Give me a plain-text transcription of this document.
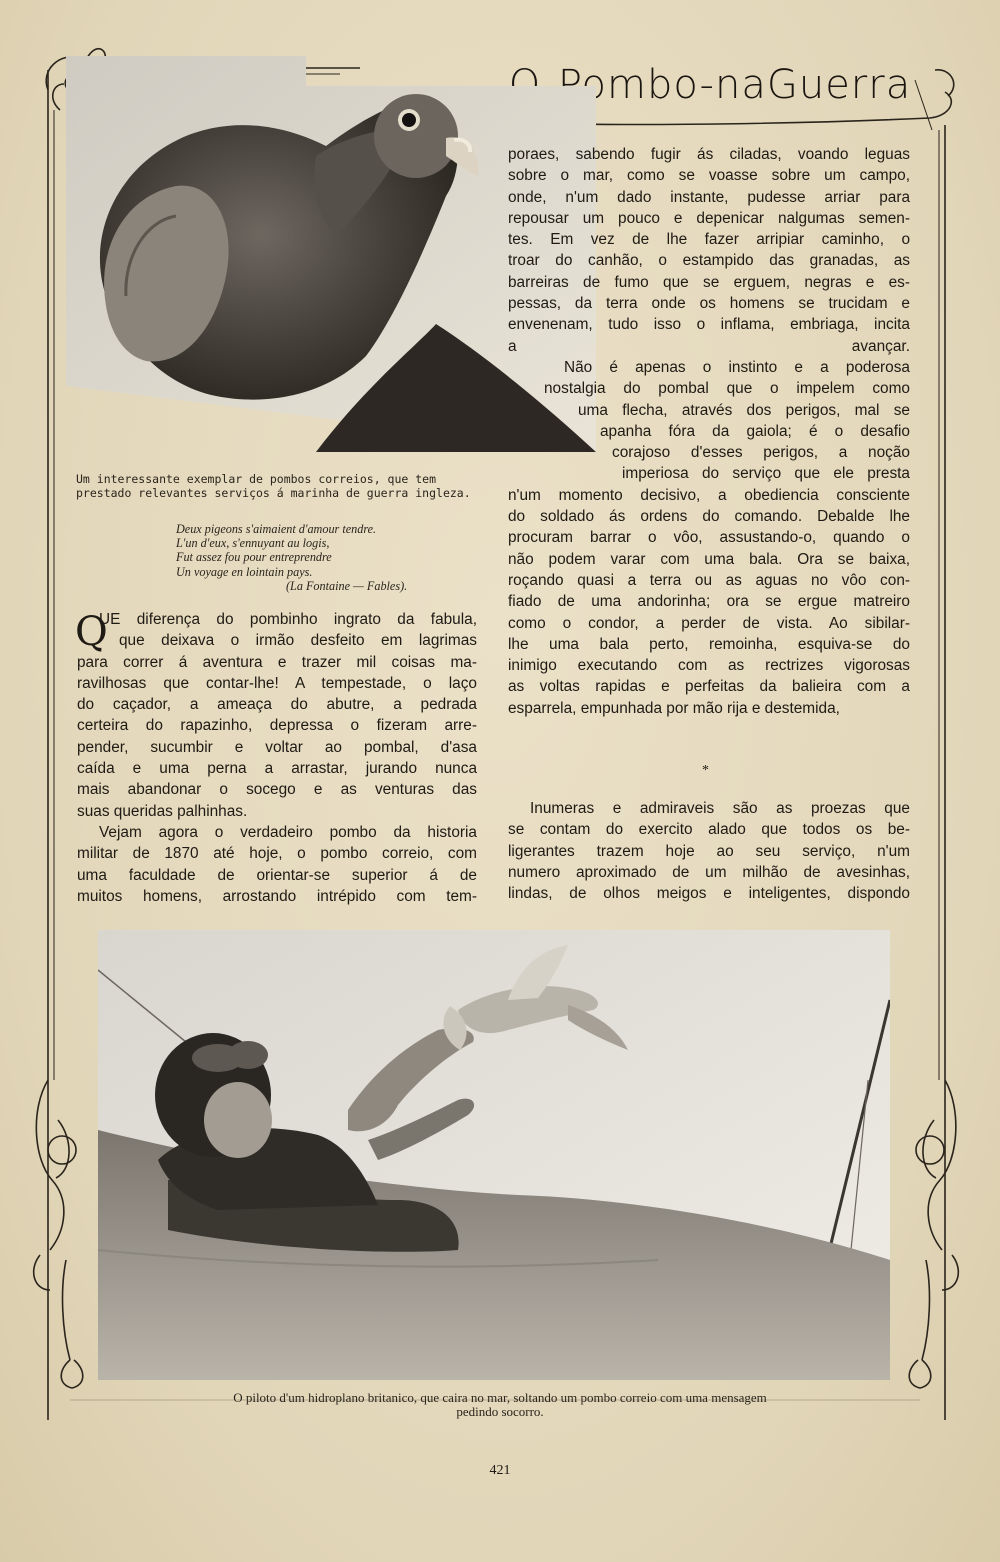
O-Pombo-naGuerra
Um interessante exemplar de pombos correios, que tem
prestado relevantes serviços á marinha de guerra ingleza.
Deux pigeons s'aimaient d'amour tendre.
L'un d'eux, s'ennuyant au logis,
Fut assez fou pour entreprendre
Un voyage en lointain pays.
(La Fontaine — Fables).
Q
UE diferença do pombinho ingrato da fabula,
que deixava o irmão desfeito em lagrimas
para correr á aventura e trazer mil coisas ma-
ravilhosas que contar-lhe! A tempestade, o laço
do caçador, a ameaça do abutre, a pedrada
certeira do rapazinho, depressa o fizeram arre-
pender, sucumbir e voltar ao pombal, d'asa
caída e uma perna a arrastar, jurando nunca
mais abandonar o socego e as venturas das
suas queridas palhinhas.
Vejam agora o verdadeiro pombo da historia
militar de 1870 até hoje, o pombo correio, com
uma faculdade de orientar-se superior á de
muitos homens, arrostando intrépido com tem-
poraes, sabendo fugir ás ciladas, voando leguas
sobre o mar, como se voasse sobre um campo,
onde, n'um dado instante, pudesse arriar para
repousar um pouco e depenicar nalgumas semen-
tes. Em vez de lhe fazer arripiar caminho, o
troar do canhão, o estampido das granadas, as
barreiras de fumo que se erguem, negras e es-
pessas, da terra onde os homens se trucidam e
envenenam, tudo isso o inflama, embriaga, incita
a avançar.
Não é apenas o instinto e a poderosa
nostalgia do pombal que o impelem como
uma flecha, através dos perigos, mal se
apanha fóra da gaiola; é o desafio
corajoso d'esses perigos, a noção
imperiosa do serviço que ele presta
n'um momento decisivo, a obediencia consciente
do soldado ás ordens do comando. Debalde lhe
procuram barrar o vôo, assustando-o, quando o
não podem varar com uma bala. Ora se baixa,
roçando quasi a terra ou as aguas no vôo con-
fiado de uma andorinha; ora se ergue matreiro
como o condor, a perder de vista. Ao sibilar-
lhe uma bala perto, remoinha, esquiva-se do
inimigo executando com as rectrizes vigorosas
as voltas rapidas e perfeitas da balieira com a
esparrela, empunhada por mão rija e destemida,
*
Inumeras e admiraveis são as proezas que
se contam do exercito alado que todos os be-
ligerantes trazem hoje ao seu serviço, n'um
numero aproximado de um milhão de avesinhas,
lindas, de olhos meigos e inteligentes, dispondo
O piloto d'um hidroplano britanico, que caira no mar, soltando um pombo correio com uma mensagem
pedindo socorro.
421
